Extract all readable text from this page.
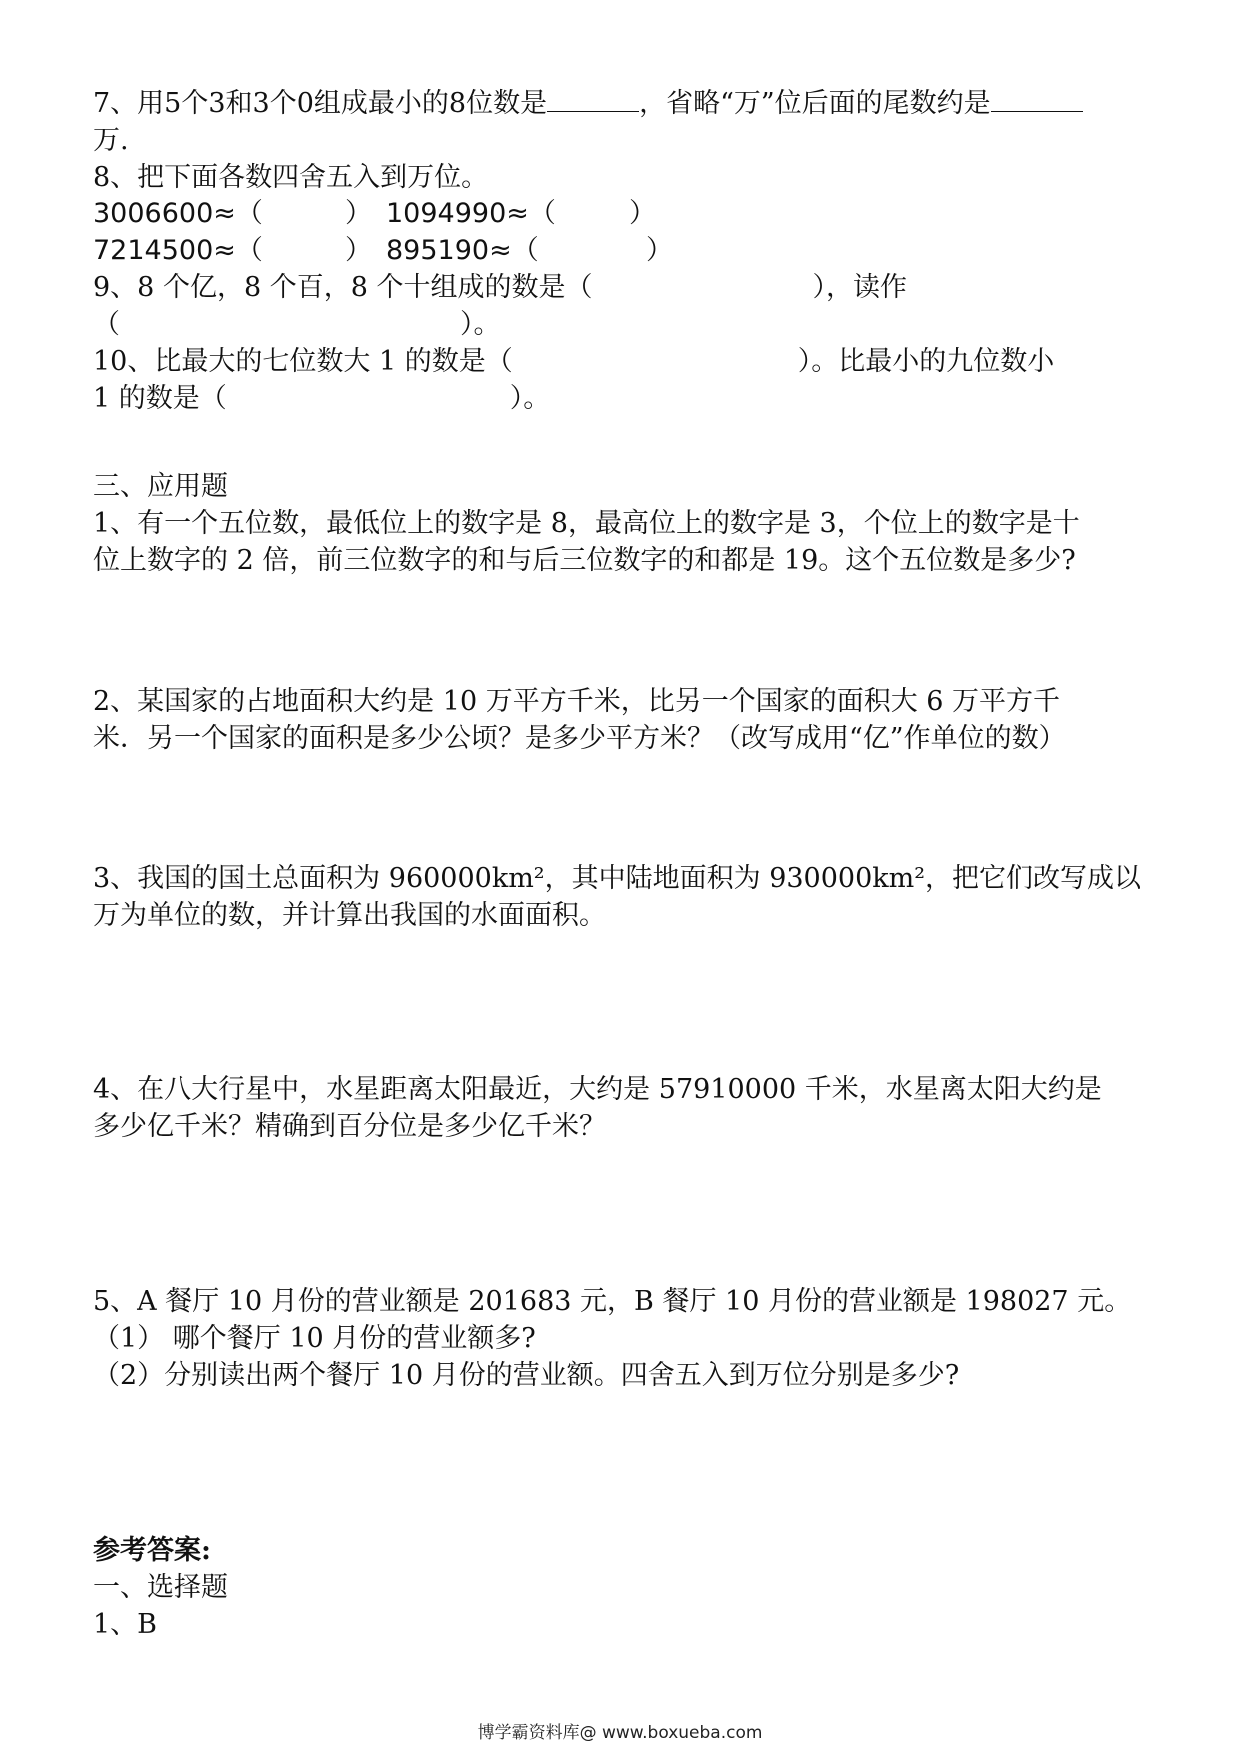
7、用5个3和3个0组成最小的8位数是	，省略“万”位后面的尾数约是
万.
8、把下面各数四舍五入到万位。
3006600≈（	） 1094990≈（	）
7214500≈（	） 895190≈（	）
9、8 个亿，8 个百，8 个十组成的数是（	），读作
（	）。
10、比最大的七位数大 1 的数是（	）。比最小的九位数小
1 的数是（	）。
三、应用题
1、有一个五位数，最低位上的数字是 8，最高位上的数字是 3，个位上的数字是十
位上数字的 2 倍，前三位数字的和与后三位数字的和都是 19。这个五位数是多少?
2、某国家的占地面积大约是 10 万平方千米，比另一个国家的面积大 6 万平方千
米．另一个国家的面积是多少公顷？是多少平方米？（改写成用“亿”作单位的数）
3、我国的国土总面积为 960000km²，其中陆地面积为 930000km²，把它们改写成以
万为单位的数，并计算出我国的水面面积。
4、在八大行星中，水星距离太阳最近，大约是 57910000 千米，水星离太阳大约是
多少亿千米？精确到百分位是多少亿千米？
5、A 餐厅 10 月份的营业额是 201683 元，B 餐厅 10 月份的营业额是 198027 元。
（1） 哪个餐厅 10 月份的营业额多?
（2）分别读出两个餐厅 10 月份的营业额。四舍五入到万位分别是多少?
参考答案:
一、选择题
1、B
博学霸资料库@ www.boxueba.com
